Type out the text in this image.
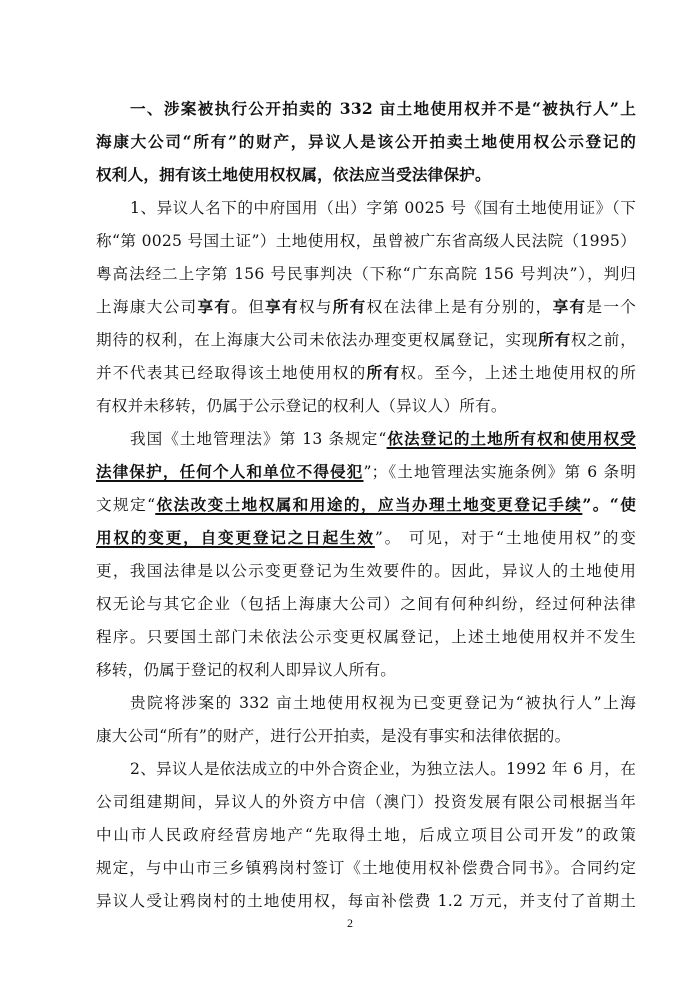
一、涉案被执行公开拍卖的 332 亩土地使用权并不是“被执行人”上
海康大公司“所有”的财产，异议人是该公开拍卖土地使用权公示登记的
权利人，拥有该土地使用权权属，依法应当受法律保护。
1、异议人名下的中府国用（出）字第 0025 号《国有土地使用证》（下
称“第 0025 号国土证”）土地使用权，虽曾被广东省高级人民法院（1995）
粤高法经二上字第 156 号民事判决（下称“广东高院 156 号判决”），判归
上海康大公司享有。但享有权与所有权在法律上是有分别的，享有是一个
期待的权利，在上海康大公司未依法办理变更权属登记，实现所有权之前，
并不代表其已经取得该土地使用权的所有权。至今，上述土地使用权的所
有权并未移转，仍属于公示登记的权利人（异议人）所有。
我国《土地管理法》第 13 条规定“依法登记的土地所有权和使用权受
法律保护，任何个人和单位不得侵犯”；《土地管理法实施条例》第 6 条明
文规定“依法改变土地权属和用途的，应当办理土地变更登记手续”。“使
用权的变更，自变更登记之日起生效”。 可见，对于“土地使用权”的变
更，我国法律是以公示变更登记为生效要件的。因此，异议人的土地使用
权无论与其它企业（包括上海康大公司）之间有何种纠纷，经过何种法律
程序。只要国土部门未依法公示变更权属登记，上述土地使用权并不发生
移转，仍属于登记的权利人即异议人所有。
贵院将涉案的 332 亩土地使用权视为已变更登记为“被执行人”上海
康大公司“所有”的财产，进行公开拍卖，是没有事实和法律依据的。
2、异议人是依法成立的中外合资企业，为独立法人。1992 年 6 月，在
公司组建期间，异议人的外资方中信（澳门）投资发展有限公司根据当年
中山市人民政府经营房地产“先取得土地，后成立项目公司开发”的政策
规定，与中山市三乡镇鸦岗村签订《土地使用权补偿费合同书》。合同约定
异议人受让鸦岗村的土地使用权，每亩补偿费 1.2 万元，并支付了首期土
2
